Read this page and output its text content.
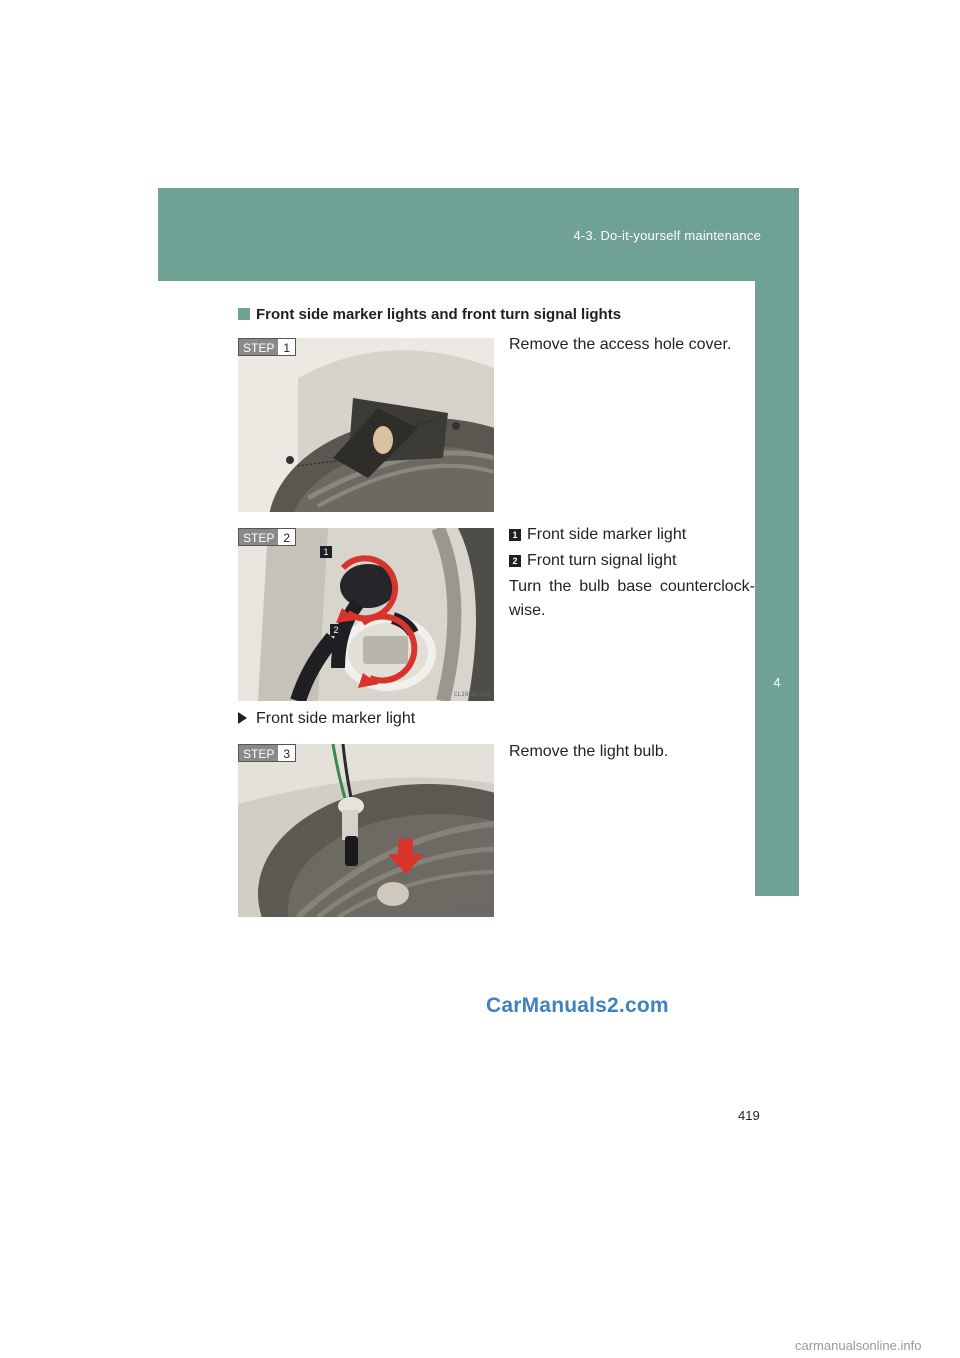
4-3. Do-it-yourself maintenance
4
Maintenance and care
Front side marker lights and front turn signal lights
STEP 1
CL16GAC098
Remove the access hole cover.
1
2
STEP 2
CL16GAC103
1 Front side marker light
2 Front turn signal light
Turn the bulb base counterclock-wise.
Front side marker light
STEP 3
CL16GAC105
Remove the light bulb.
CarManuals2.com
419
carmanualsonline.info
